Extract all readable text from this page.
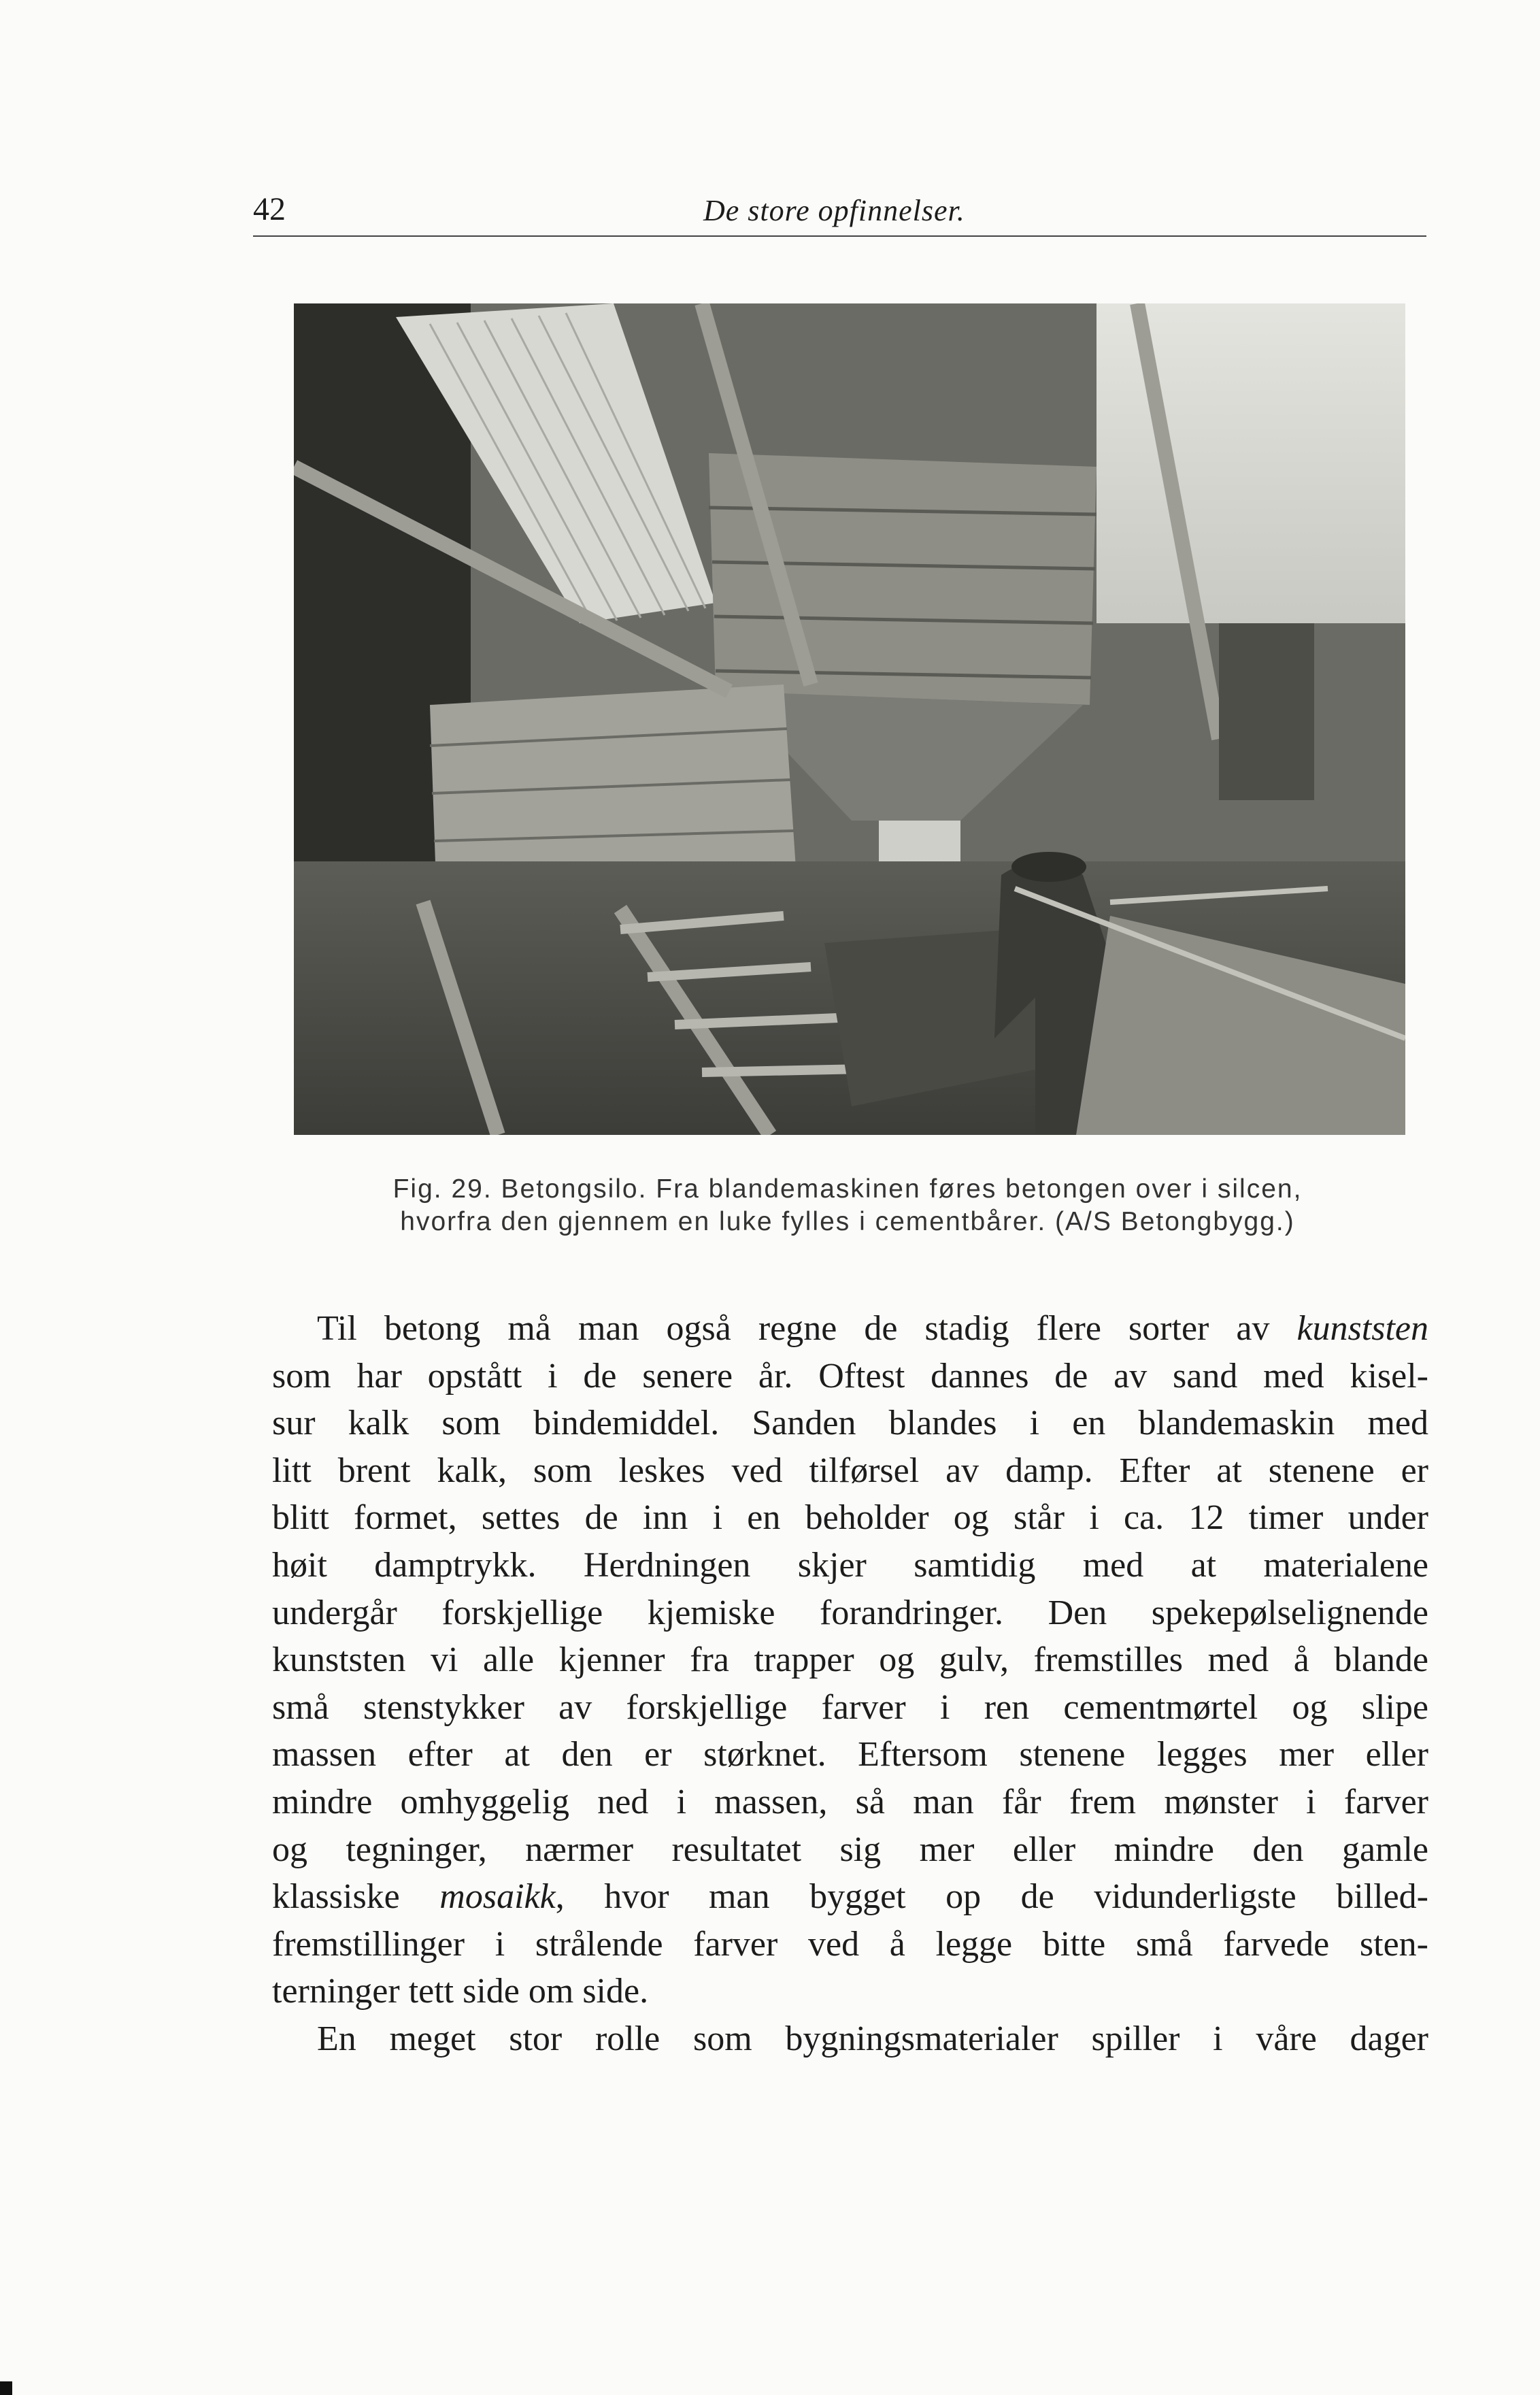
42	De store opfinnelser.
Fig. 29. Betongsilo. Fra blandemaskinen føres betongen over i silcen,
hvorfra den gjennem en luke fylles i cementbårer. (A/S Betongbygg.)
Til betong må man også regne de stadig flere sorter av kunststen
som har opstått i de senere år. Oftest dannes de av sand med kisel-
sur kalk som bindemiddel. Sanden blandes i en blandemaskin med
litt brent kalk, som leskes ved tilførsel av damp. Efter at stenene er
blitt formet, settes de inn i en beholder og står i ca. 12 timer under
høit damptrykk. Herdningen skjer samtidig med at materialene
undergår forskjellige kjemiske forandringer. Den spekepølselignende
kunststen vi alle kjenner fra trapper og gulv, fremstilles med å blande
små stenstykker av forskjellige farver i ren cementmørtel og slipe
massen efter at den er størknet. Eftersom stenene legges mer eller
mindre omhyggelig ned i massen, så man får frem mønster i farver
og tegninger, nærmer resultatet sig mer eller mindre den gamle
klassiske mosaikk, hvor man bygget op de vidunderligste billed-
fremstillinger i strålende farver ved å legge bitte små farvede sten-
terninger tett side om side.
En meget stor rolle som bygningsmaterialer spiller i våre dager
